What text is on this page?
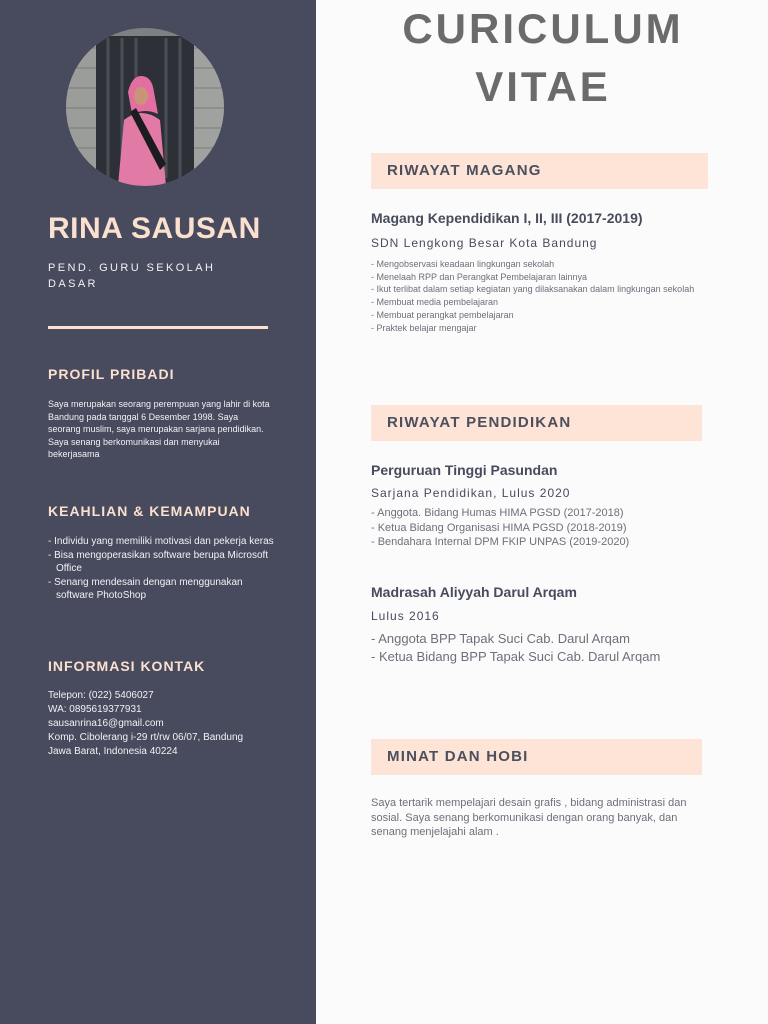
RINA SAUSAN
PEND. GURU SEKOLAH DASAR
PROFIL PRIBADI
Saya merupakan seorang perempuan yang lahir di kota Bandung pada tanggal 6 Desember 1998. Saya seorang muslim, saya merupakan sarjana pendidikan. Saya senang berkomunikasi dan menyukai bekerjasama
KEAHLIAN & KEMAMPUAN
- Individu yang memiliki motivasi dan pekerja keras
- Bisa mengoperasikan software berupa Microsoft Office
- Senang mendesain dengan menggunakan software PhotoShop
INFORMASI KONTAK
Telepon: (022) 5406027
WA: 0895619377931
sausanrina16@gmail.com
Komp. Cibolerang i-29 rt/rw 06/07, Bandung
Jawa Barat, Indonesia 40224
CURICULUM
VITAE
RIWAYAT MAGANG
Magang Kependidikan I, II, III (2017-2019)
SDN Lengkong Besar Kota Bandung
- Mengobservasi keadaan lingkungan sekolah
- Menelaah RPP dan Perangkat Pembelajaran lainnya
- Ikut terlibat dalam setiap kegiatan yang dilaksanakan dalam lingkungan sekolah
- Membuat media pembelajaran
- Membuat perangkat pembelajaran
- Praktek belajar mengajar
RIWAYAT PENDIDIKAN
Perguruan Tinggi Pasundan
Sarjana Pendidikan, Lulus 2020
- Anggota. Bidang Humas HIMA PGSD (2017-2018)
- Ketua Bidang Organisasi HIMA PGSD (2018-2019)
- Bendahara Internal DPM FKIP UNPAS (2019-2020)
Madrasah Aliyyah Darul Arqam
Lulus 2016
- Anggota BPP Tapak Suci Cab. Darul Arqam
- Ketua Bidang BPP Tapak Suci Cab. Darul Arqam
MINAT DAN HOBI
Saya tertarik mempelajari desain grafis , bidang administrasi dan sosial. Saya senang berkomunikasi dengan orang banyak, dan senang menjelajahi alam .
